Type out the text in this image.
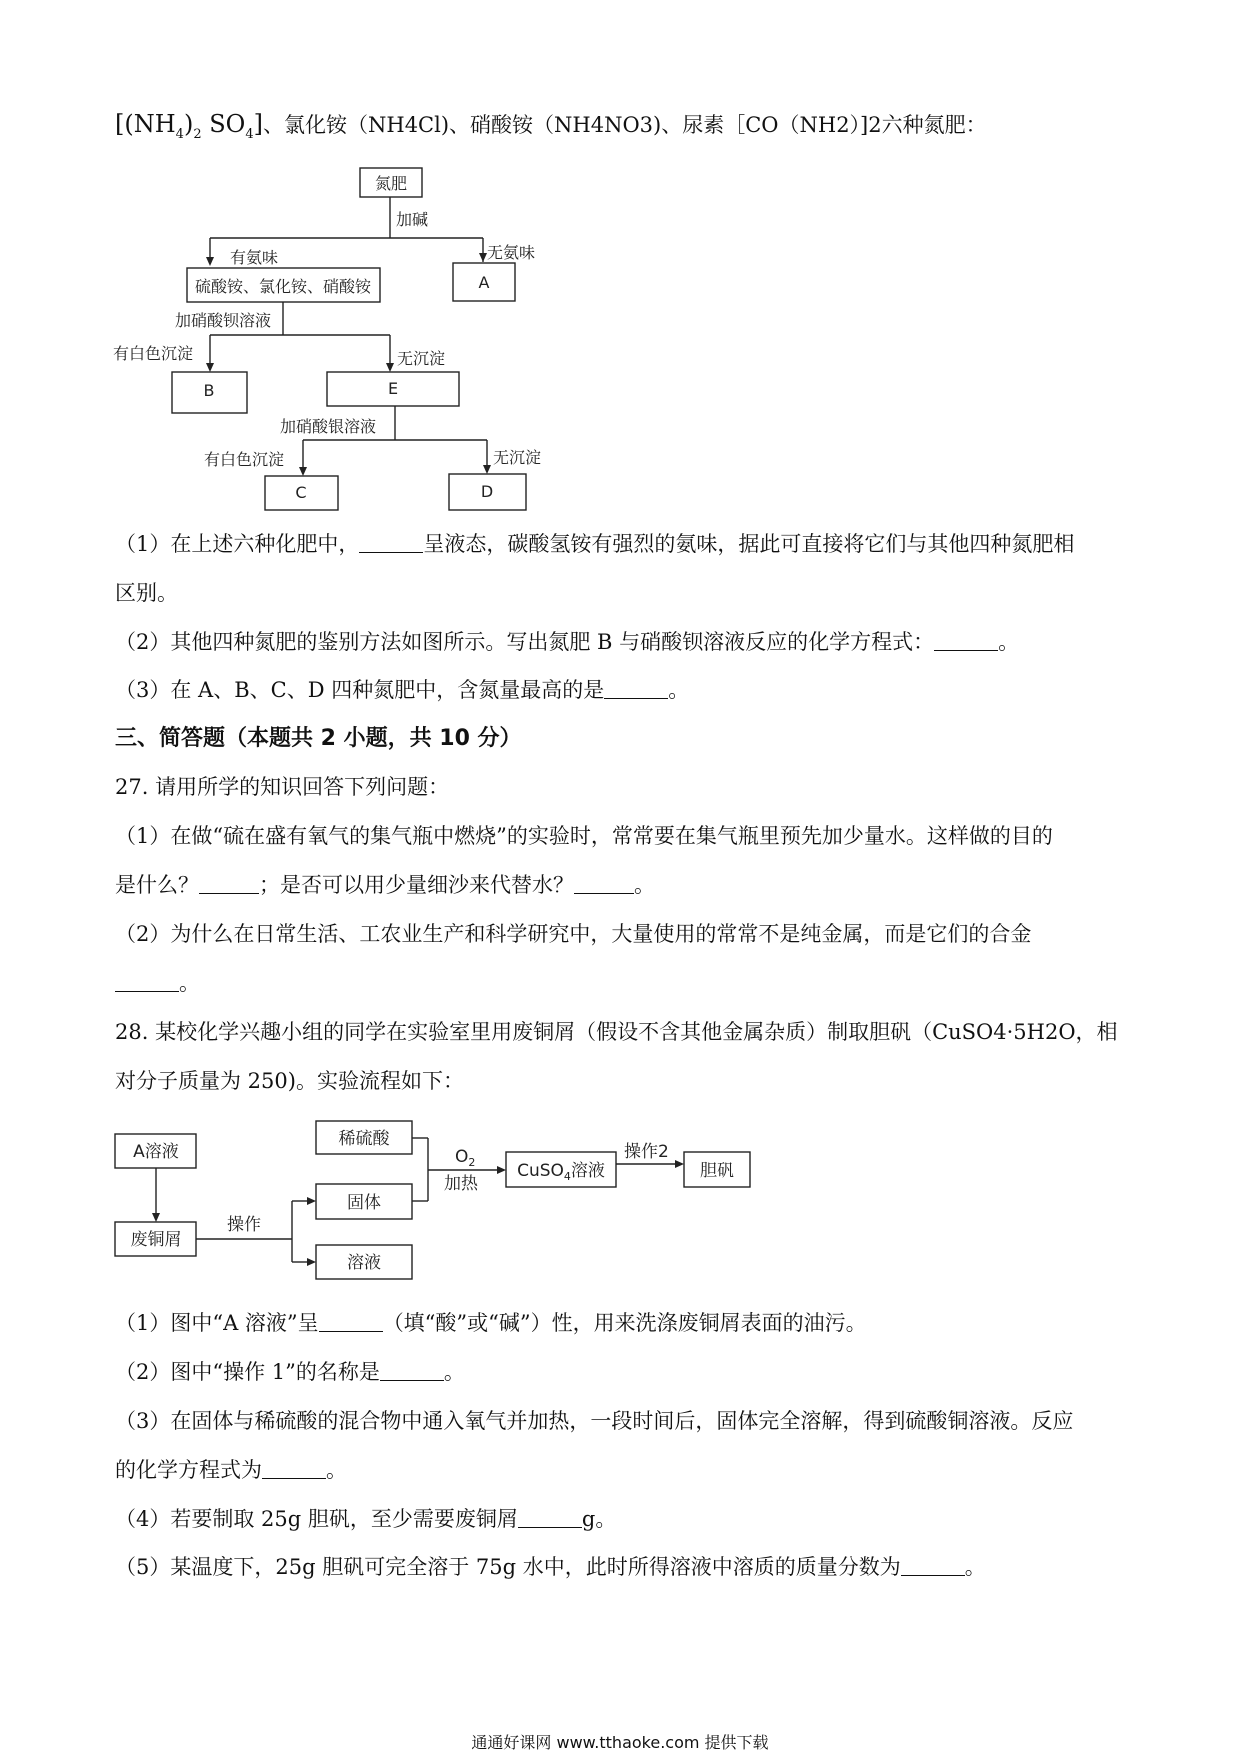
[$(NH_4)_2$ $SO_4$]、氯化铵（NH4Cl)、硝酸铵（NH4NO3)、尿素［CO（NH2）]2六种氮肥：
氮肥
加碱
有氨味	无氨味
硫酸铵、氯化铵、硝酸铵	A
加硝酸钡溶液
有白色沉淀	无沉淀
B	E
加硝酸银溶液
有白色沉淀	无沉淀
C	D
（1）在上述六种化肥中，	呈液态，碳酸氢铵有强烈的氨味，据此可直接将它们与其他四种氮肥相
区别。
（2）其他四种氮肥的鉴别方法如图所示。写出氮肥 B 与硝酸钡溶液反应的化学方程式：	。
（3）在 A、B、C、D 四种氮肥中，含氮量最高的是	。
三、简答题（本题共 2 小题，共 10 分）
27. 请用所学的知识回答下列问题：
（1）在做“硫在盛有氧气的集气瓶中燃烧”的实验时，常常要在集气瓶里预先加少量水。这样做的目的
是什么？	；是否可以用少量细沙来代替水？	。
（2）为什么在日常生活、工农业生产和科学研究中，大量使用的常常不是纯金属，而是它们的合金
。
28. 某校化学兴趣小组的同学在实验室里用废铜屑（假设不含其他金属杂质）制取胆矾（CuSO4·5H2O，相
对分子质量为 250)。实验流程如下：
A溶液
废铜屑
操作
稀硫酸
固体
溶液
$O_2$
加热
CuSO$_4$溶液
操作2
胆矾
（1）图中“A 溶液”呈	（填“酸”或“碱”）性，用来洗涤废铜屑表面的油污。
（2）图中“操作 1”的名称是	。
（3）在固体与稀硫酸的混合物中通入氧气并加热，一段时间后，固体完全溶解，得到硫酸铜溶液。反应
的化学方程式为	。
（4）若要制取 25g 胆矾，至少需要废铜屑	g。
（5）某温度下，25g 胆矾可完全溶于 75g 水中，此时所得溶液中溶质的质量分数为	。
通通好课网 www.tthaoke.com 提供下载
